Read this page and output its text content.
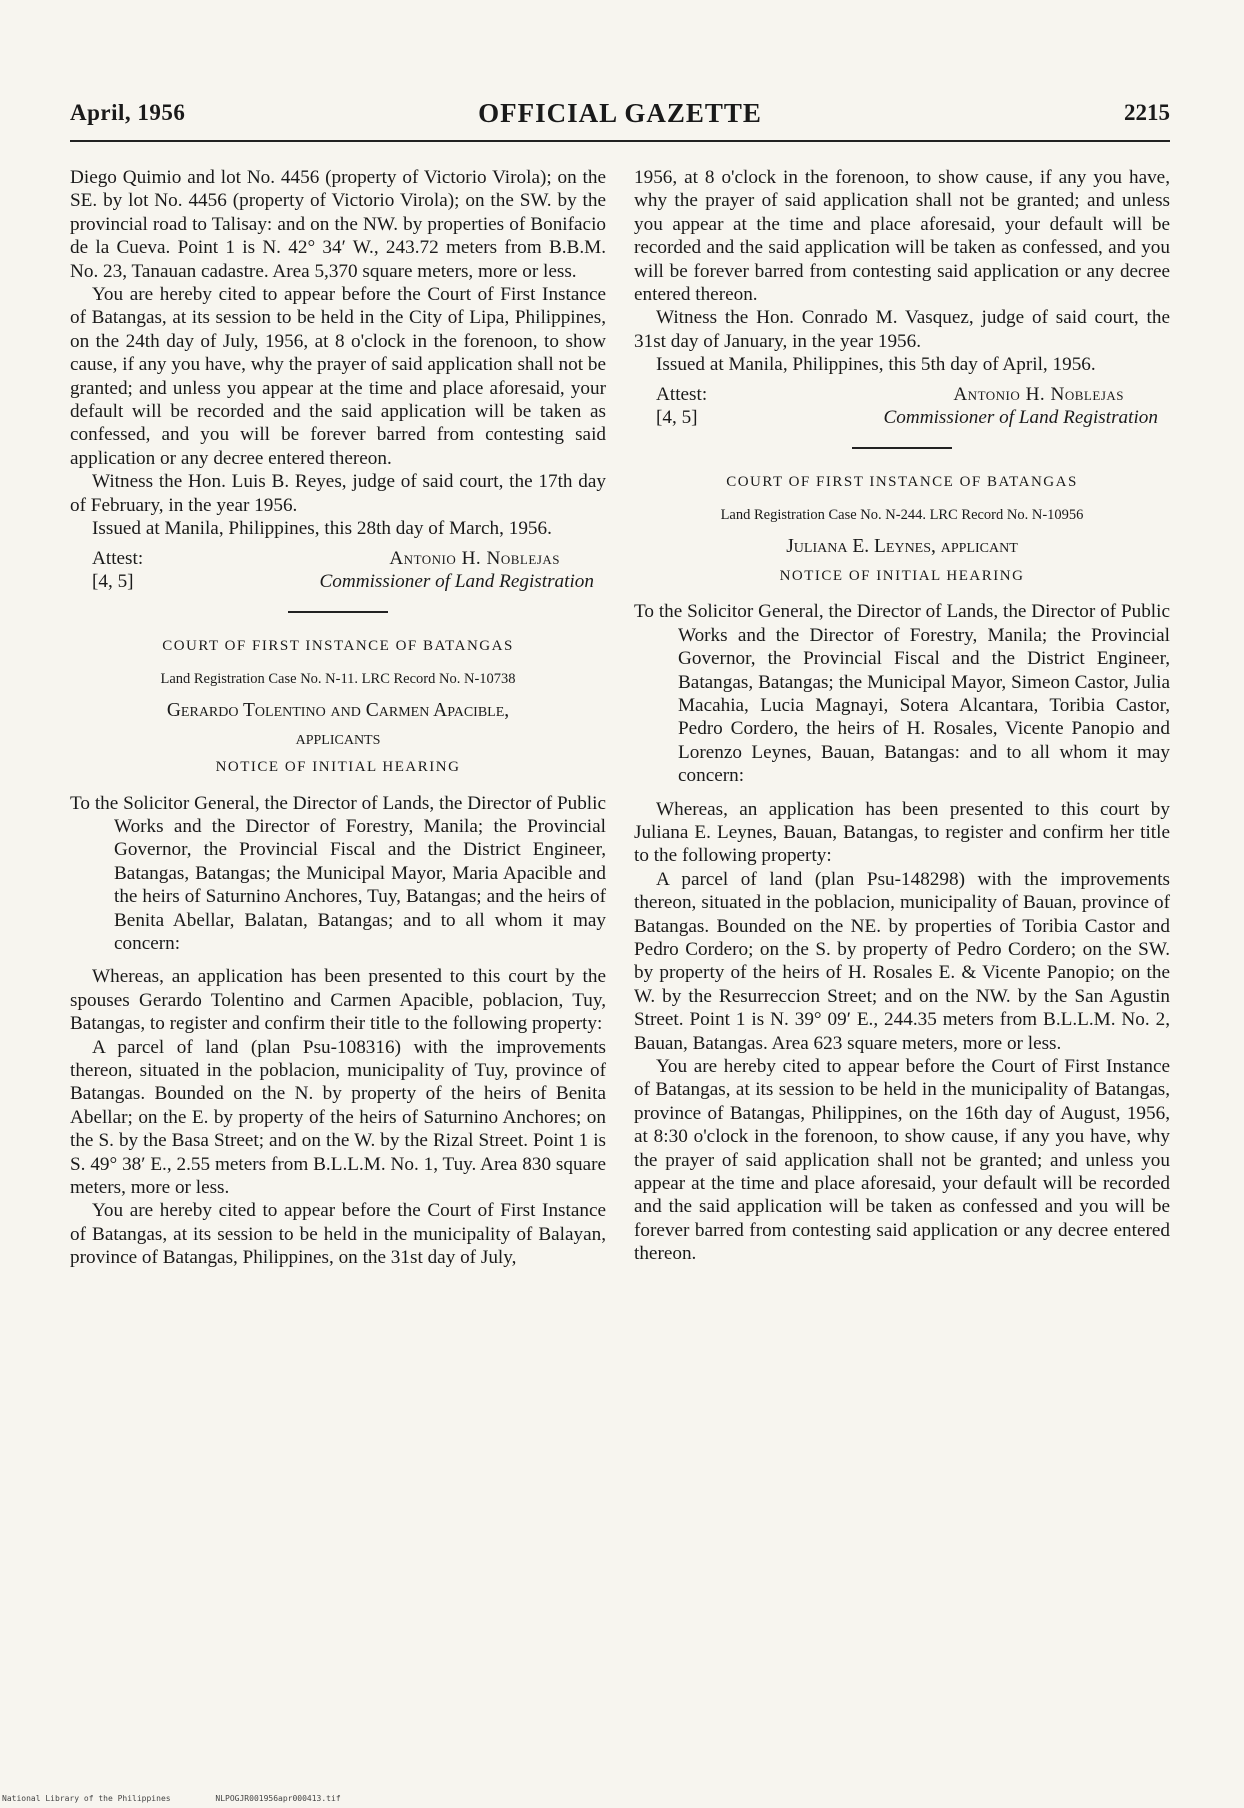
April, 1956	OFFICIAL GAZETTE	2215

Diego Quimio and lot No. 4456 (property of Victorio Virola); on the SE. by lot No. 4456 (property of Victorio Virola); on the SW. by the provincial road to Talisay: and on the NW. by properties of Bonifacio de la Cueva. Point 1 is N. 42° 34′ W., 243.72 meters from B.B.M. No. 23, Tanauan cadastre. Area 5,370 square meters, more or less.

You are hereby cited to appear before the Court of First Instance of Batangas, at its session to be held in the City of Lipa, Philippines, on the 24th day of July, 1956, at 8 o'clock in the forenoon, to show cause, if any you have, why the prayer of said application shall not be granted; and unless you appear at the time and place aforesaid, your default will be recorded and the said application will be taken as confessed, and you will be forever barred from contesting said application or any decree entered thereon.

Witness the Hon. Luis B. Reyes, judge of said court, the 17th day of February, in the year 1956.

Issued at Manila, Philippines, this 28th day of March, 1956.

Attest:	Antonio H. Noblejas
[4, 5]	Commissioner of Land Registration
COURT OF FIRST INSTANCE OF BATANGAS
Land Registration Case No. N-11. LRC Record No. N-10738
Gerardo Tolentino and Carmen Apacible,
applicants
NOTICE OF INITIAL HEARING

To the Solicitor General, the Director of Lands, the Director of Public Works and the Director of Forestry, Manila; the Provincial Governor, the Provincial Fiscal and the District Engineer, Batangas, Batangas; the Municipal Mayor, Maria Apacible and the heirs of Saturnino Anchores, Tuy, Batangas; and the heirs of Benita Abellar, Balatan, Batangas; and to all whom it may concern:

Whereas, an application has been presented to this court by the spouses Gerardo Tolentino and Carmen Apacible, poblacion, Tuy, Batangas, to register and confirm their title to the following property:

A parcel of land (plan Psu-108316) with the improvements thereon, situated in the poblacion, municipality of Tuy, province of Batangas. Bounded on the N. by property of the heirs of Benita Abellar; on the E. by property of the heirs of Saturnino Anchores; on the S. by the Basa Street; and on the W. by the Rizal Street. Point 1 is S. 49° 38′ E., 2.55 meters from B.L.L.M. No. 1, Tuy. Area 830 square meters, more or less.

You are hereby cited to appear before the Court of First Instance of Batangas, at its session to be held in the municipality of Balayan, province of Batangas, Philippines, on the 31st day of July,

1956, at 8 o'clock in the forenoon, to show cause, if any you have, why the prayer of said application shall not be granted; and unless you appear at the time and place aforesaid, your default will be recorded and the said application will be taken as confessed, and you will be forever barred from contesting said application or any decree entered thereon.

Witness the Hon. Conrado M. Vasquez, judge of said court, the 31st day of January, in the year 1956.

Issued at Manila, Philippines, this 5th day of April, 1956.

Attest:	Antonio H. Noblejas
[4, 5]	Commissioner of Land Registration
COURT OF FIRST INSTANCE OF BATANGAS
Land Registration Case No. N-244. LRC Record No. N-10956
Juliana E. Leynes, applicant
NOTICE OF INITIAL HEARING

To the Solicitor General, the Director of Lands, the Director of Public Works and the Director of Forestry, Manila; the Provincial Governor, the Provincial Fiscal and the District Engineer, Batangas, Batangas; the Municipal Mayor, Simeon Castor, Julia Macahia, Lucia Magnayi, Sotera Alcantara, Toribia Castor, Pedro Cordero, the heirs of H. Rosales, Vicente Panopio and Lorenzo Leynes, Bauan, Batangas: and to all whom it may concern:

Whereas, an application has been presented to this court by Juliana E. Leynes, Bauan, Batangas, to register and confirm her title to the following property:

A parcel of land (plan Psu-148298) with the improvements thereon, situated in the poblacion, municipality of Bauan, province of Batangas. Bounded on the NE. by properties of Toribia Castor and Pedro Cordero; on the S. by property of Pedro Cordero; on the SW. by property of the heirs of H. Rosales E. & Vicente Panopio; on the W. by the Resurreccion Street; and on the NW. by the San Agustin Street. Point 1 is N. 39° 09′ E., 244.35 meters from B.L.L.M. No. 2, Bauan, Batangas. Area 623 square meters, more or less.

You are hereby cited to appear before the Court of First Instance of Batangas, at its session to be held in the municipality of Batangas, province of Batangas, Philippines, on the 16th day of August, 1956, at 8:30 o'clock in the forenoon, to show cause, if any you have, why the prayer of said application shall not be granted; and unless you appear at the time and place aforesaid, your default will be recorded and the said application will be taken as confessed and you will be forever barred from contesting said application or any decree entered thereon.

National Library of the Philippines	NLPOGJR001956apr000413.tif
